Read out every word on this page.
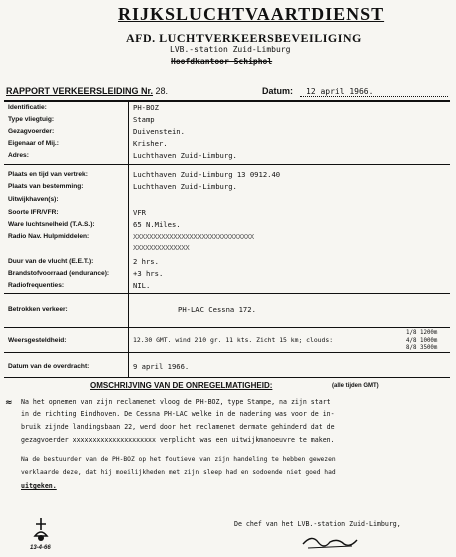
RIJKSLUCHTVAARTDIENST
AFD. LUCHTVERKEERSBEVEILIGING
LVB.-station Zuid-Limburg
Hoofdkantoor Schiphol
RAPPORT VERKEERSLEIDING Nr. 28.	Datum: 12 april 1966.
Identificatie:	PH-BOZ
Type vliegtuig:	Stamp
Gezagvoerder:	Duivenstein.
Eigenaar of Mij.:	Krisher.
Adres:	Luchthaven Zuid-Limburg.
Plaats en tijd van vertrek:	Luchthaven Zuid-Limburg 13 0912.40
Plaats van bestemming:	Luchthaven Zuid-Limburg.
Uitwijkhaven(s):
Soorte IFR/VFR:	VFR
Ware luchtsnelheid (T.A.S.):	65 N.Miles.
Radio Nav. Hulpmiddelen:	XXXXXXXXXXXXXXXXXXXXXXXXXXXXXX
XXXXXXXXXXXXXX
Duur van de vlucht (E.E.T.):	2 hrs.
Brandstofvoorraad (endurance):	+3 hrs.
Radiofrequenties:	NIL.
Betrokken verkeer:	PH-LAC Cessna 172.
Weersgesteldheid:	12.30 GMT. wind 210 gr. 11 kts. Zicht 15 km; clouds:
1/8 1200m
4/8 1000m
8/8 3500m
Datum van de overdracht:	9 april 1966.
OMSCHRIJVING VAN DE ONREGELMATIGHEID:	(alle tijden GMT)
Na het opnemen van zijn reclamenet vloog de PH-BOZ, type Stampe, na zijn start
in de richting Eindhoven. De Cessna PH-LAC welke in de nadering was voor de in-
bruik zijnde landingsbaan 22, werd door het reclamenet dermate gehinderd dat de
gezagvoerder xxxxxxxxxxxxxxxxxxxxx verplicht was een uitwijkmanoeuvre te maken.
Na de bestuurder van de PH-BOZ op het foutieve van zijn handeling te hebben gewezen
verklaarde deze, dat hij moeilijkheden met zijn sleep had en sodoende niet goed had
uitgeken.
≈
13-4-66
De chef van het LVB.-station Zuid-Limburg,
